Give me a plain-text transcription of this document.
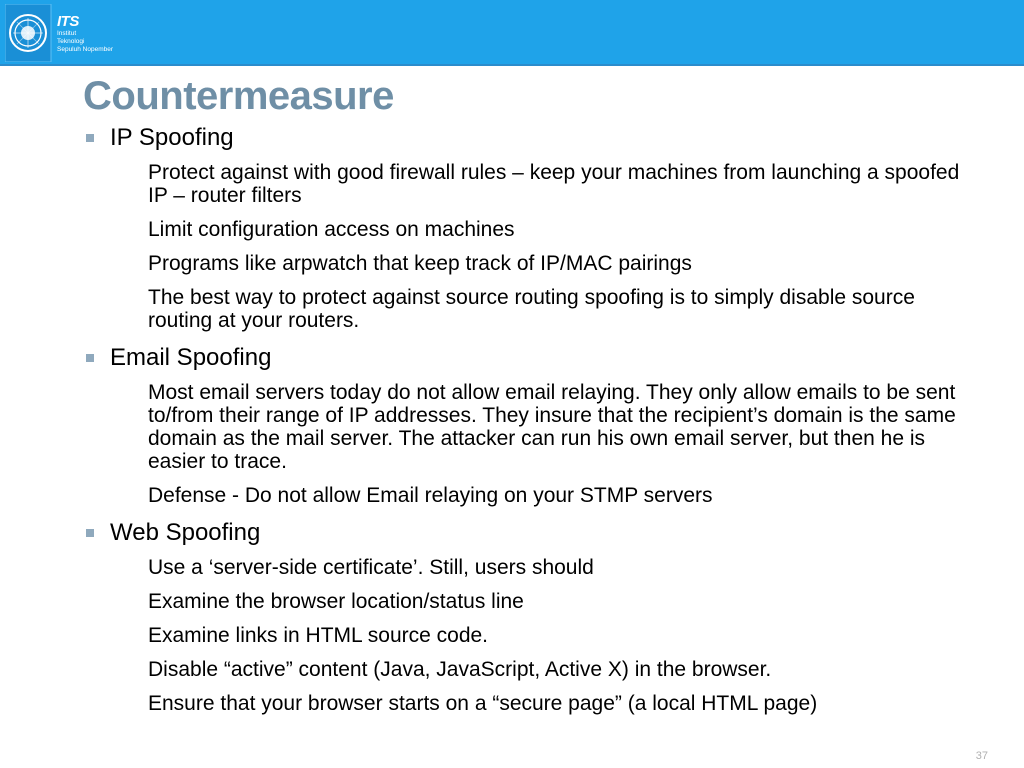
ITS
Institut
Teknologi
Sepuluh Nopember
Countermeasure
IP Spoofing
Protect against with good firewall rules – keep your machines from launching a spoofed IP – router filters
Limit configuration access on machines
Programs like arpwatch that keep track of IP/MAC pairings
The best way to protect against source routing spoofing is to simply disable source routing at your routers.
Email Spoofing
Most email servers today do not allow email relaying. They only allow emails to be sent to/from their range of IP addresses. They insure that the recipient’s domain is the same domain as the mail server. The attacker can run his own email server, but then he is easier to trace.
Defense - Do not allow Email relaying on your STMP servers
Web Spoofing
Use a ‘server-side certificate’. Still, users should
Examine the browser location/status line
Examine links in HTML source code.
Disable “active” content (Java, JavaScript, Active X) in the browser.
Ensure that your browser starts on a “secure page” (a local HTML page)
37
